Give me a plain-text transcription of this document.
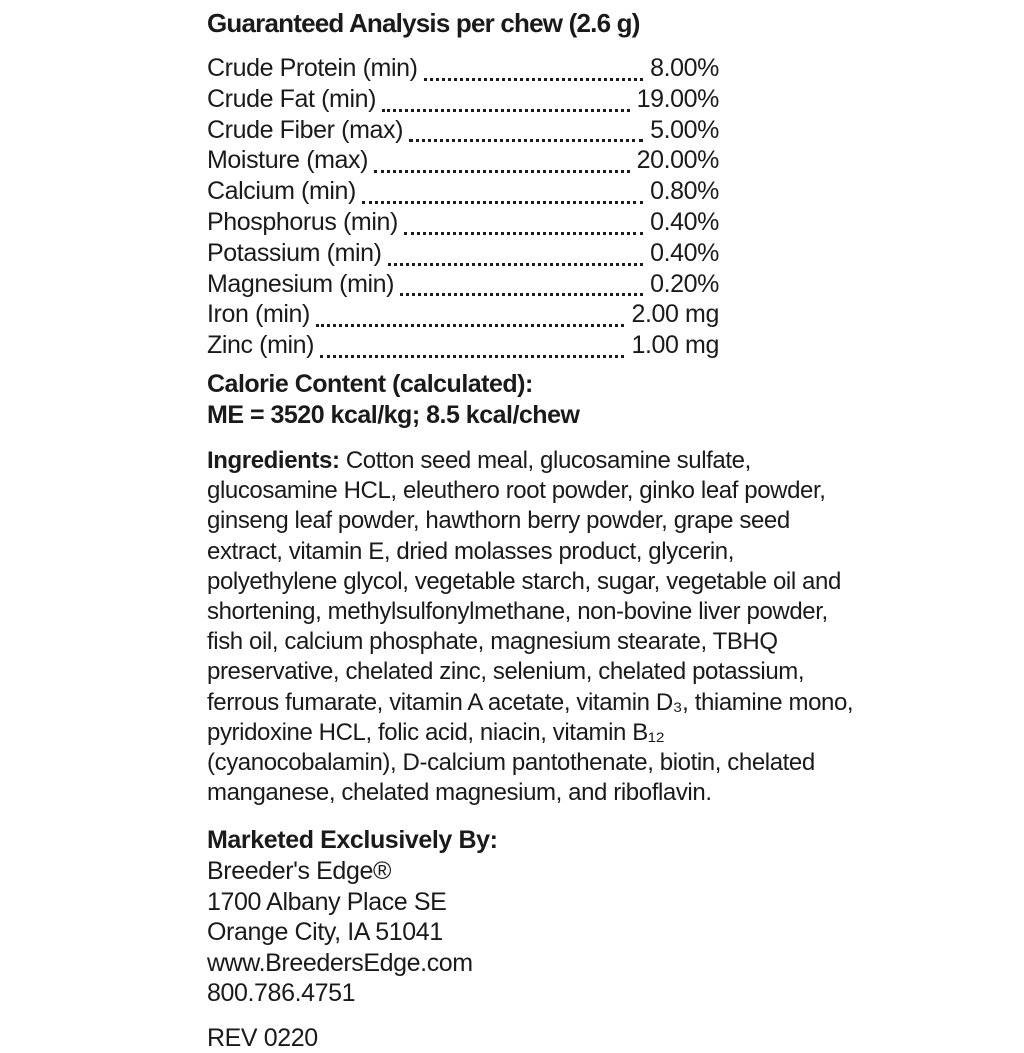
Guaranteed Analysis per chew (2.6 g)
Crude Protein (min)	8.00%
Crude Fat (min)	19.00%
Crude Fiber (max)	5.00%
Moisture (max)	20.00%
Calcium (min)	0.80%
Phosphorus (min)	0.40%
Potassium (min)	0.40%
Magnesium (min)	0.20%
Iron (min)	2.00 mg
Zinc (min)	1.00 mg
Calorie Content (calculated):
ME = 3520 kcal/kg; 8.5 kcal/chew

Ingredients: Cotton seed meal, glucosamine sulfate, glucosamine HCL, eleuthero root powder, ginko leaf powder, ginseng leaf powder, hawthorn berry powder, grape seed extract, vitamin E, dried molasses product, glycerin, polyethylene glycol, vegetable starch, sugar, vegetable oil and shortening, methylsulfonylmethane, non-bovine liver powder, fish oil, calcium phosphate, magnesium stearate, TBHQ preservative, chelated zinc, selenium, chelated potassium, ferrous fumarate, vitamin A acetate, vitamin D₃, thiamine mono, pyridoxine HCL, folic acid, niacin, vitamin B₁₂ (cyanocobalamin), D-calcium pantothenate, biotin, chelated manganese, chelated magnesium, and riboflavin.

Marketed Exclusively By:
Breeder's Edge®
1700 Albany Place SE
Orange City, IA 51041
www.BreedersEdge.com
800.786.4751
REV 0220
